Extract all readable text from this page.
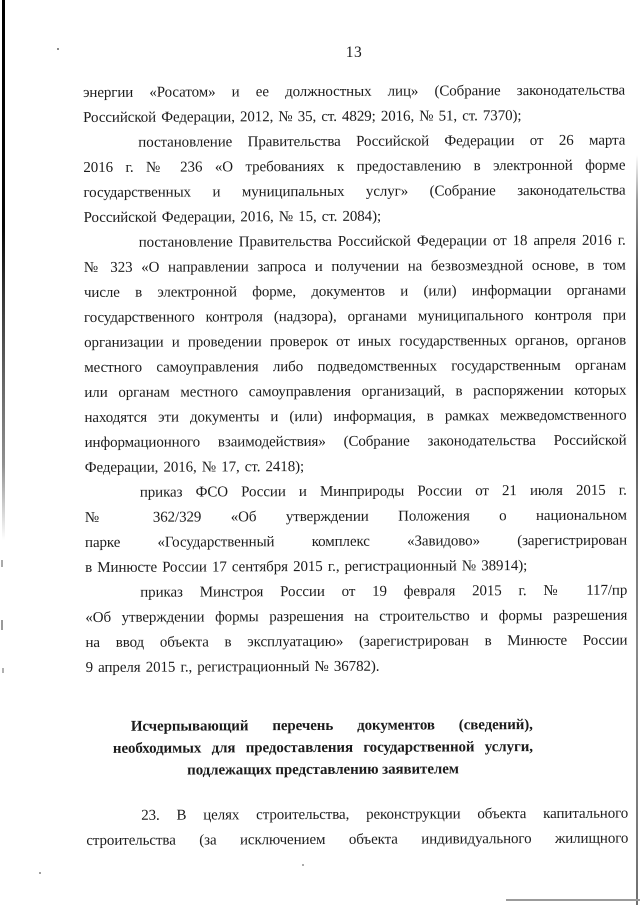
13
энергии «Росатом» и ее должностных лиц» (Собрание законодательства
Российской Федерации, 2012, № 35, ст. 4829; 2016, № 51, ст. 7370);
постановление Правительства Российской Федерации от 26 марта
2016 г. № 236 «О требованиях к предоставлению в электронной форме
государственных и муниципальных услуг» (Собрание законодательства
Российской Федерации, 2016, № 15, ст. 2084);
постановление Правительства Российской Федерации от 18 апреля 2016 г.
№ 323 «О направлении запроса и получении на безвозмездной основе, в том
числе в электронной форме, документов и (или) информации органами
государственного контроля (надзора), органами муниципального контроля при
организации и проведении проверок от иных государственных органов, органов
местного самоуправления либо подведомственных государственным органам
или органам местного самоуправления организаций, в распоряжении которых
находятся эти документы и (или) информация, в рамках межведомственного
информационного взаимодействия» (Собрание законодательства Российской
Федерации, 2016, № 17, ст. 2418);
приказ ФСО России и Минприроды России от 21 июля 2015 г.
№ 362/329 «Об утверждении Положения о национальном
парке «Государственный комплекс «Завидово» (зарегистрирован
в Минюсте России 17 сентября 2015 г., регистрационный № 38914);
приказ Минстроя России от 19 февраля 2015 г. № 117/пр
«Об утверждении формы разрешения на строительство и формы разрешения
на ввод объекта в эксплуатацию» (зарегистрирован в Минюсте России
9 апреля 2015 г., регистрационный № 36782).
Исчерпывающий перечень документов (сведений),
необходимых для предоставления государственной услуги,
подлежащих представлению заявителем
23. В целях строительства, реконструкции объекта капитального
строительства (за исключением объекта индивидуального жилищного
